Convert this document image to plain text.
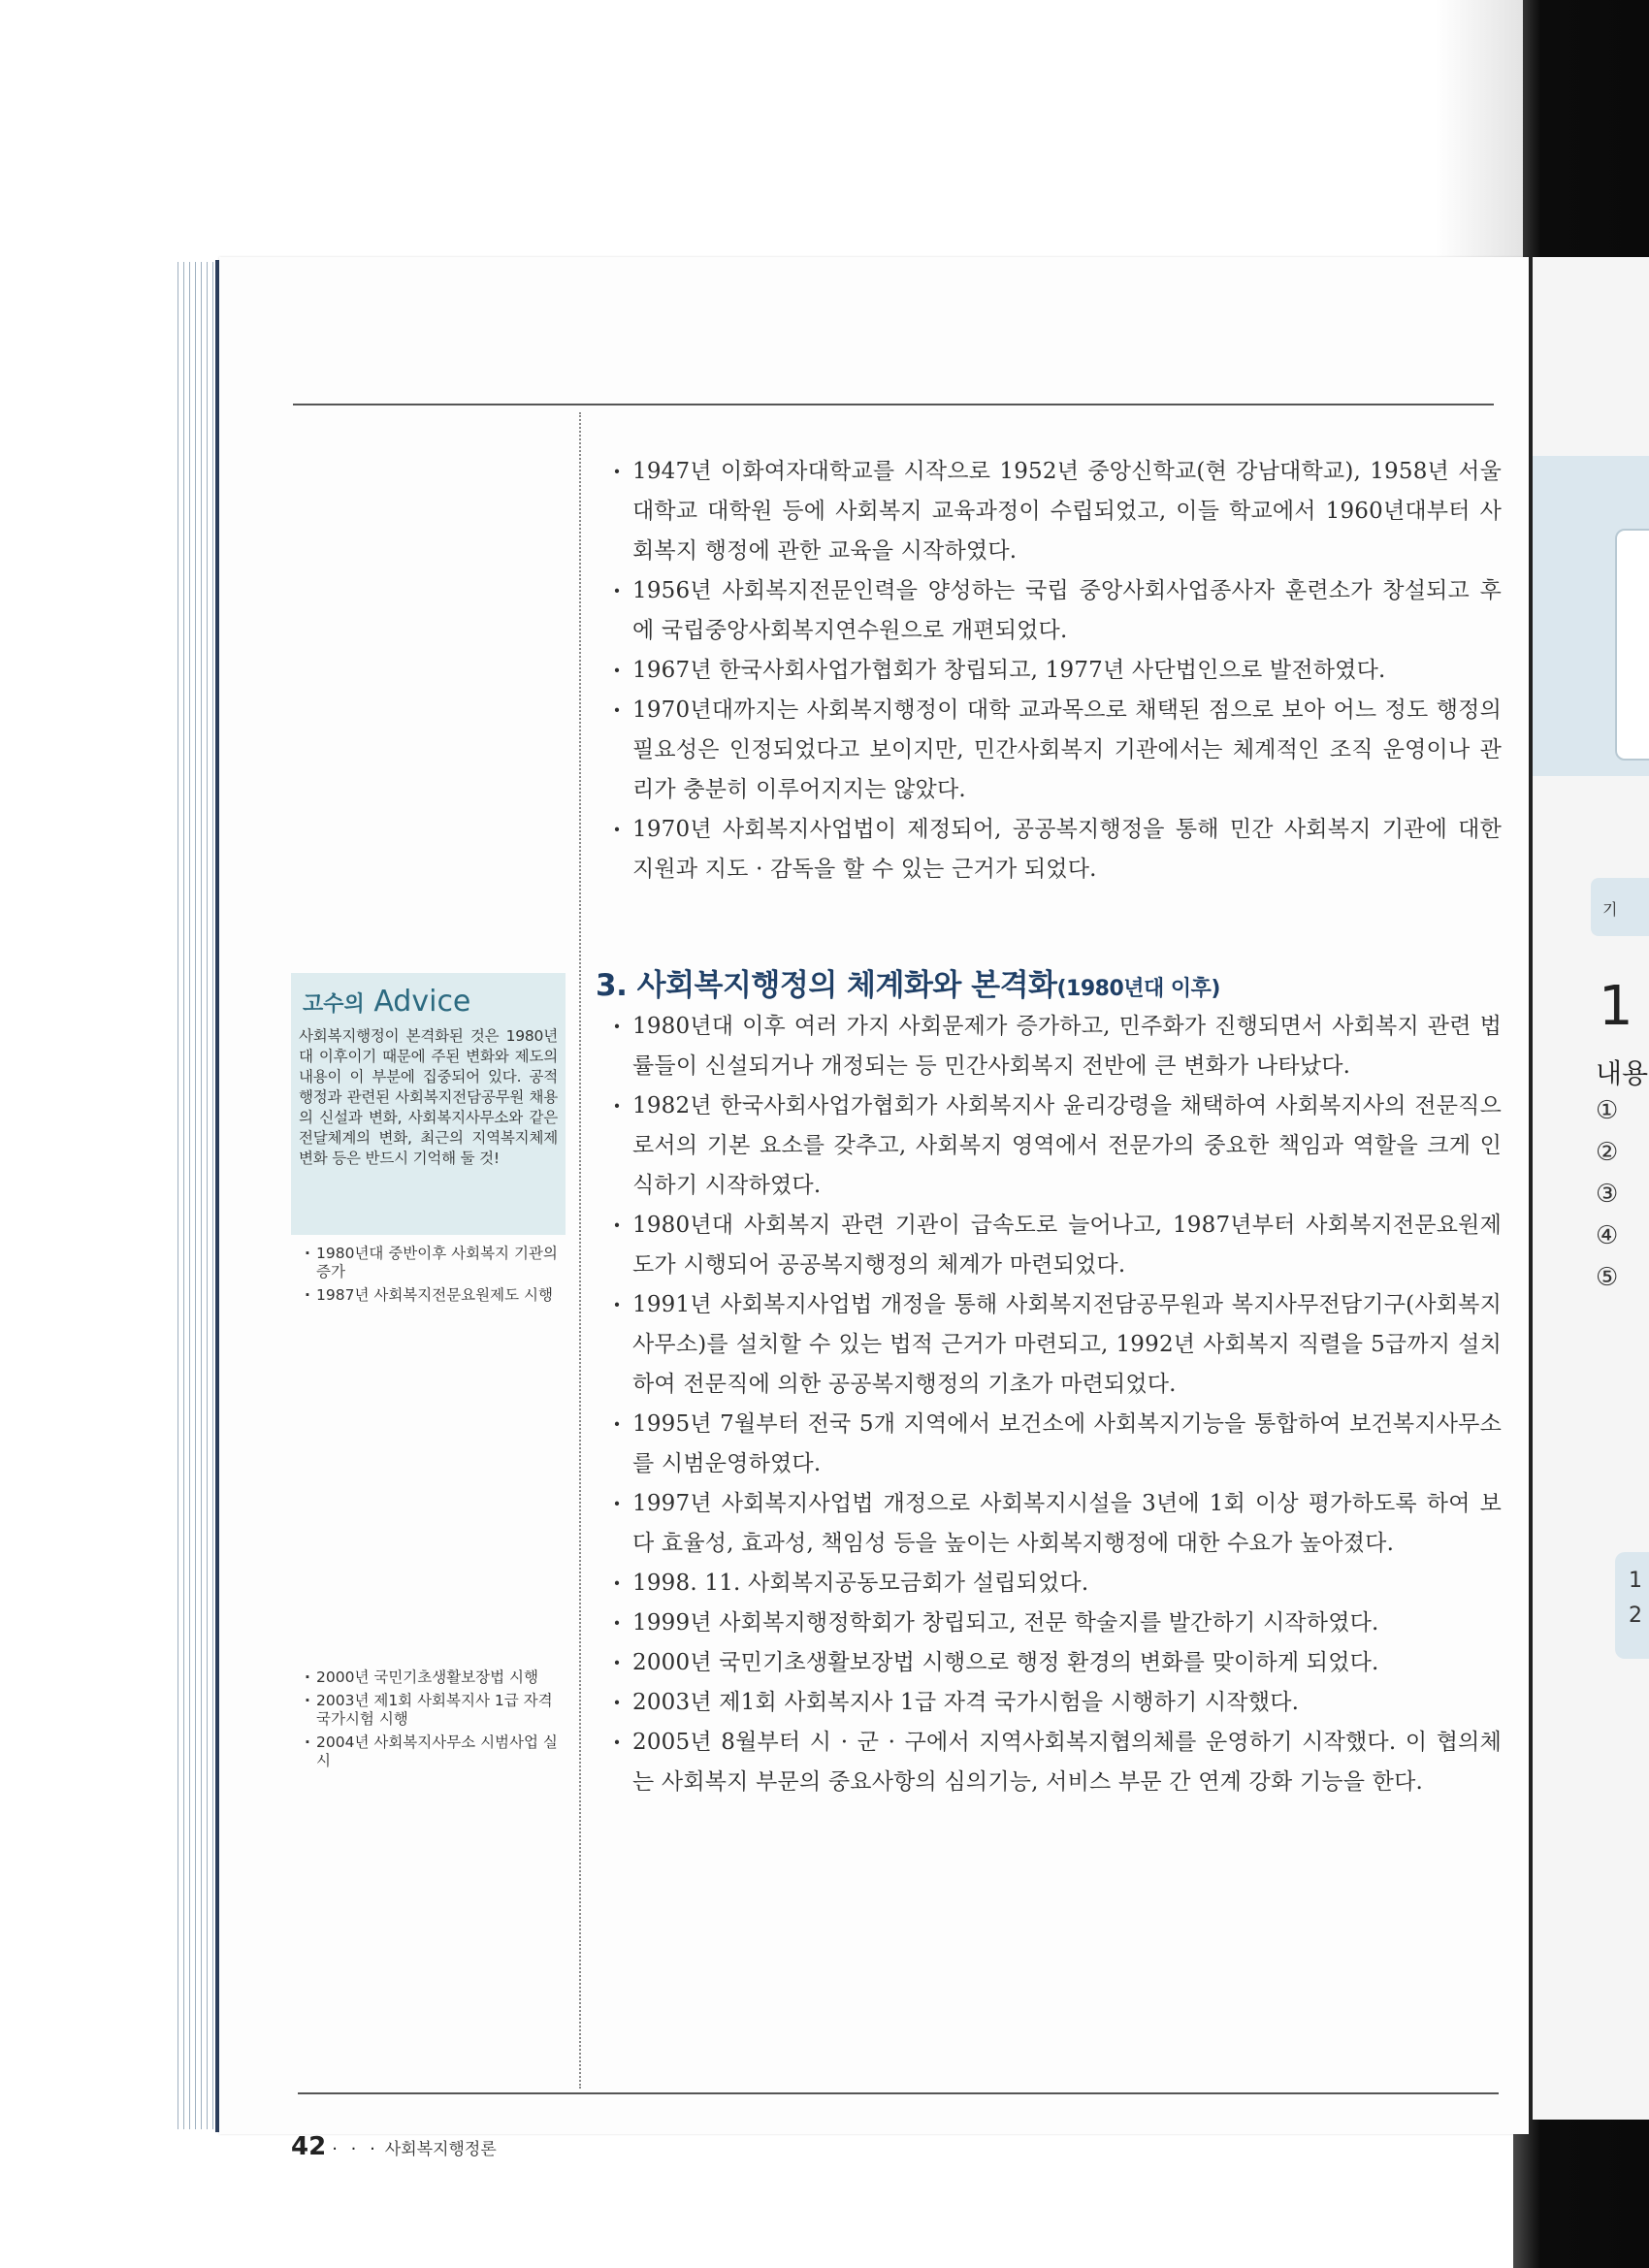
기
1
내용
①
②
③
④
⑤
1
2
· 1947년 이화여자대학교를 시작으로 1952년 중앙신학교(현 강남대학교), 1958년 서울대학교 대학원 등에 사회복지 교육과정이 수립되었고, 이들 학교에서 1960년대부터 사회복지 행정에 관한 교육을 시작하였다.
· 1956년 사회복지전문인력을 양성하는 국립 중앙사회사업종사자 훈련소가 창설되고 후에 국립중앙사회복지연수원으로 개편되었다.
· 1967년 한국사회사업가협회가 창립되고, 1977년 사단법인으로 발전하였다.
· 1970년대까지는 사회복지행정이 대학 교과목으로 채택된 점으로 보아 어느 정도 행정의 필요성은 인정되었다고 보이지만, 민간사회복지 기관에서는 체계적인 조직 운영이나 관리가 충분히 이루어지지는 않았다.
· 1970년 사회복지사업법이 제정되어, 공공복지행정을 통해 민간 사회복지 기관에 대한 지원과 지도 · 감독을 할 수 있는 근거가 되었다.
3. 사회복지행정의 체계화와 본격화(1980년대 이후)
· 1980년대 이후 여러 가지 사회문제가 증가하고, 민주화가 진행되면서 사회복지 관련 법률들이 신설되거나 개정되는 등 민간사회복지 전반에 큰 변화가 나타났다.
· 1982년 한국사회사업가협회가 사회복지사 윤리강령을 채택하여 사회복지사의 전문직으로서의 기본 요소를 갖추고, 사회복지 영역에서 전문가의 중요한 책임과 역할을 크게 인식하기 시작하였다.
· 1980년대 사회복지 관련 기관이 급속도로 늘어나고, 1987년부터 사회복지전문요원제도가 시행되어 공공복지행정의 체계가 마련되었다.
· 1991년 사회복지사업법 개정을 통해 사회복지전담공무원과 복지사무전담기구(사회복지사무소)를 설치할 수 있는 법적 근거가 마련되고, 1992년 사회복지 직렬을 5급까지 설치하여 전문직에 의한 공공복지행정의 기초가 마련되었다.
· 1995년 7월부터 전국 5개 지역에서 보건소에 사회복지기능을 통합하여 보건복지사무소를 시범운영하였다.
· 1997년 사회복지사업법 개정으로 사회복지시설을 3년에 1회 이상 평가하도록 하여 보다 효율성, 효과성, 책임성 등을 높이는 사회복지행정에 대한 수요가 높아졌다.
· 1998. 11. 사회복지공동모금회가 설립되었다.
· 1999년 사회복지행정학회가 창립되고, 전문 학술지를 발간하기 시작하였다.
· 2000년 국민기초생활보장법 시행으로 행정 환경의 변화를 맞이하게 되었다.
· 2003년 제1회 사회복지사 1급 자격 국가시험을 시행하기 시작했다.
· 2005년 8월부터 시 · 군 · 구에서 지역사회복지협의체를 운영하기 시작했다. 이 협의체는 사회복지 부문의 중요사항의 심의기능, 서비스 부문 간 연계 강화 기능을 한다.
고수의 Advice
사회복지행정이 본격화된 것은 1980년대 이후이기 때문에 주된 변화와 제도의 내용이 이 부분에 집중되어 있다. 공적 행정과 관련된 사회복지전담공무원 채용의 신설과 변화, 사회복지사무소와 같은 전달체계의 변화, 최근의 지역복지체제 변화 등은 반드시 기억해 둘 것!
· 1980년대 중반이후 사회복지 기관의 증가
· 1987년 사회복지전문요원제도 시행
· 2000년 국민기초생활보장법 시행
· 2003년 제1회 사회복지사 1급 자격 국가시험 시행
· 2004년 사회복지사무소 시범사업 실시
42 · · · 사회복지행정론
